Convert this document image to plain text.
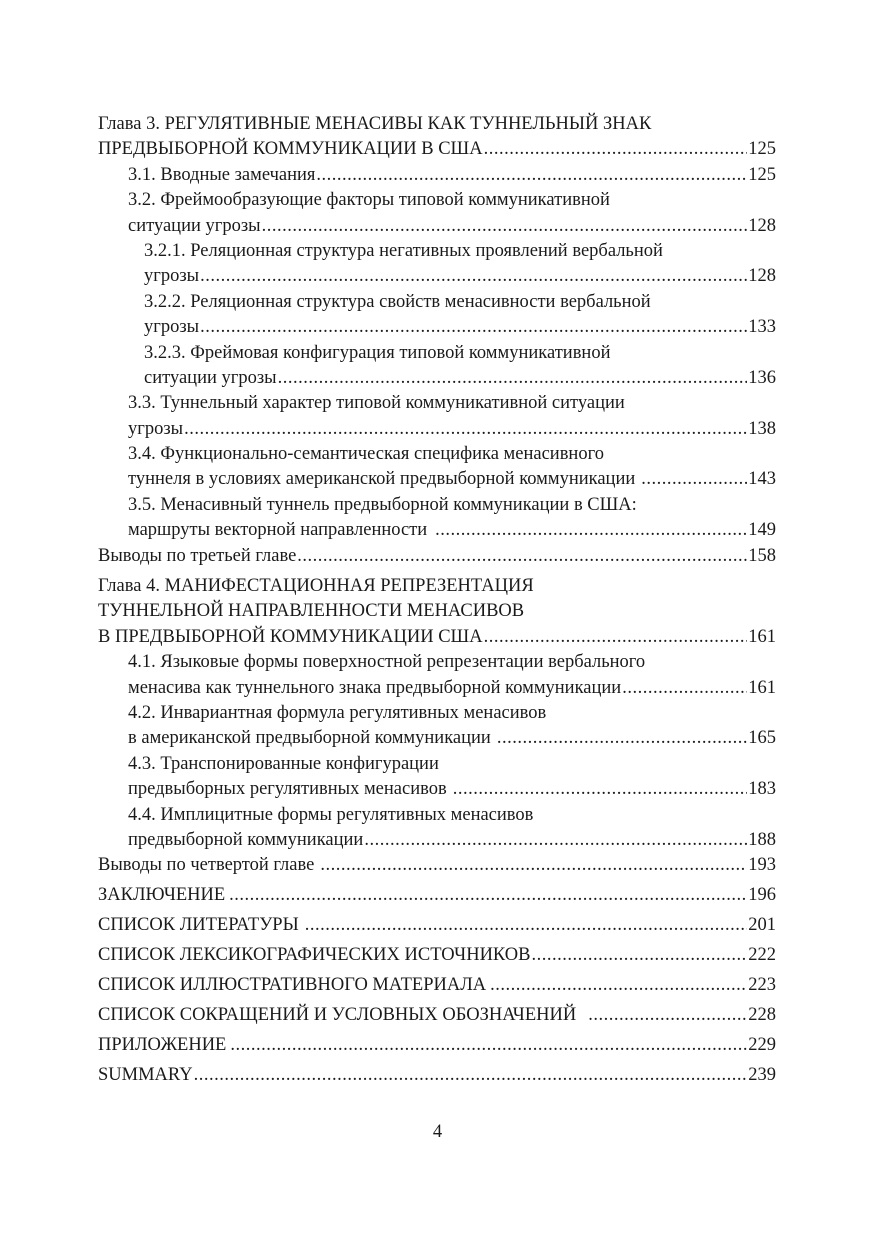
Глава 3. РЕГУЛЯТИВНЫЕ МЕНАСИВЫ КАК ТУННЕЛЬНЫЙ ЗНАК
ПРЕДВЫБОРНОЙ КОММУНИКАЦИИ В США .....	125
3.1. Вводные замечания .....	125
3.2. Фреймообразующие факторы типовой коммуникативной
ситуации угрозы .....	128
3.2.1. Реляционная структура негативных проявлений вербальной
угрозы .....	128
3.2.2. Реляционная структура свойств менасивности вербальной
угрозы .....	133
3.2.3. Фреймовая конфигурация типовой коммуникативной
ситуации угрозы .....	136
3.3. Туннельный характер типовой коммуникативной ситуации
угрозы .....	138
3.4. Функционально-семантическая специфика менасивного
туннеля в условиях американской предвыборной коммуникации .....	143
3.5. Менасивный туннель предвыборной коммуникации в США:
маршруты векторной направленности .....	149
Выводы по третьей главе .....	158
Глава 4. МАНИФЕСТАЦИОННАЯ РЕПРЕЗЕНТАЦИЯ
ТУННЕЛЬНОЙ НАПРАВЛЕННОСТИ МЕНАСИВОВ
В ПРЕДВЫБОРНОЙ КОММУНИКАЦИИ США .....	161
4.1. Языковые формы поверхностной репрезентации вербального
менасива как туннельного знака предвыборной коммуникации .....	161
4.2. Инвариантная формула регулятивных менасивов
в американской предвыборной коммуникации .....	165
4.3. Транспонированные конфигурации
предвыборных регулятивных менасивов .....	183
4.4. Имплицитные формы регулятивных менасивов
предвыборной коммуникации .....	188
Выводы по четвертой главе .....	193
ЗАКЛЮЧЕНИЕ .....	196
СПИСОК ЛИТЕРАТУРЫ .....	201
СПИСОК ЛЕКСИКОГРАФИЧЕСКИХ ИСТОЧНИКОВ .....	222
СПИСОК ИЛЛЮСТРАТИВНОГО МАТЕРИАЛА .....	223
СПИСОК СОКРАЩЕНИЙ И УСЛОВНЫХ ОБОЗНАЧЕНИЙ .....	228
ПРИЛОЖЕНИЕ .....	229
SUMMARY .....	239
4
